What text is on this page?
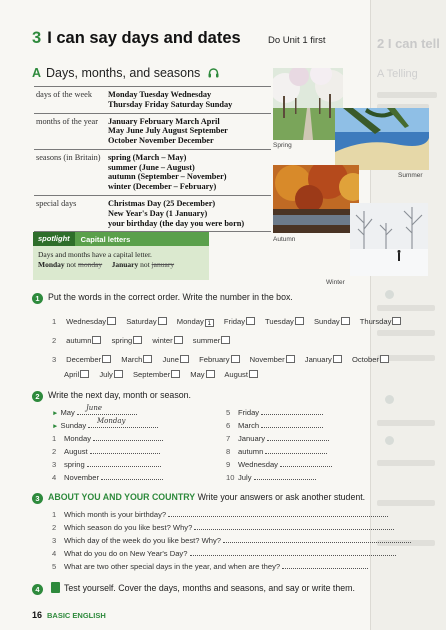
2 I can tell
A Telling
3 I can say days and dates	Do Unit 1 first
A Days, months, and seasons
days of the week	Monday Tuesday Wednesday
Thursday Friday Saturday Sunday

months of the year	January February March April
May June July August September
October November December

seasons (in Britain)	spring (March – May)
summer (June – August)
autumn (September – November)
winter (December – February)

special days	Christmas Day (25 December)
New Year's Day (1 January)
your birthday (the day you were born)
Spring
Summer
Autumn
Winter
spotlight	Capital letters
Days and months have a capital letter.
Monday not monday January not january
1 Put the words in the correct order. Write the number in the box.
1 Wednesday	Saturday	Monday 1 Friday	Tuesday	Sunday	Thursday
2 autumn	spring	winter	summer
3 December	March	June	February	November	January	October
April	July	September	May	August
2 Write the next day, month or season.
► May	June
► Sunday	Monday
1 Monday
2 August
3 spring
4 November
5 Friday
6 March
7 January
8 autumn
9 Wednesday
10 July
3 ABOUT YOU AND YOUR COUNTRY Write your answers or ask another student.
1 Which month is your birthday?
2 Which season do you like best? Why?
3 Which day of the week do you like best? Why?
4 What do you do on New Year's Day?
5 What are two other special days in the year, and when are they?
4	Test yourself. Cover the days, months and seasons, and say or write them.
16 BASIC ENGLISH
